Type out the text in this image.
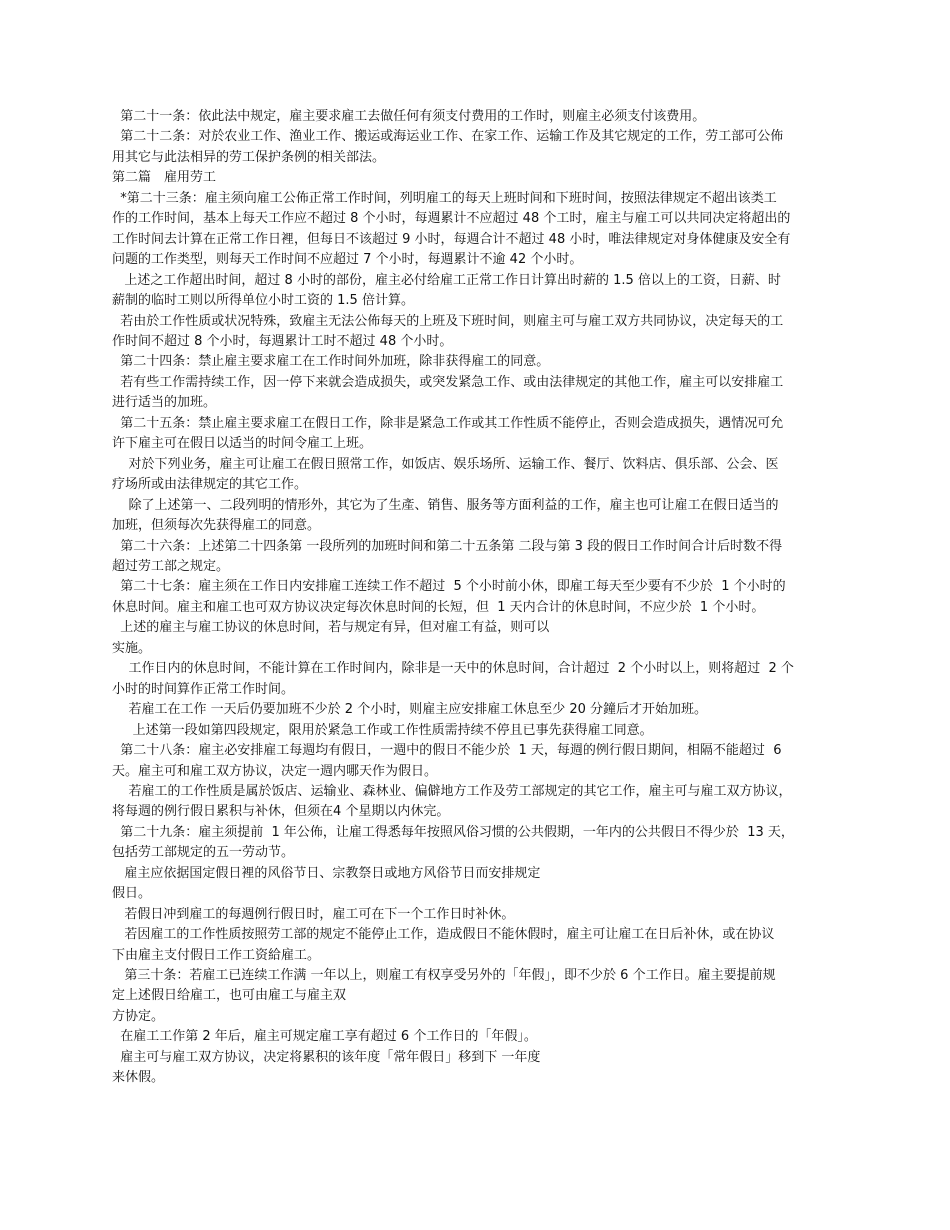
第二十一条：依此法中规定，雇主要求雇工去做任何有须支付费用的工作时，则雇主必须支付该费用。

第二十二条：对於农业工作、渔业工作、搬运或海运业工作、在家工作、运输工作及其它规定的工作，劳工部可公佈
用其它与此法相异的劳工保护条例的相关部法。

第二篇　雇用劳工

*第二十三条：雇主须向雇工公佈正常工作时间，列明雇工的每天上班时间和下班时间，按照法律规定不超出该类工
作的工作时间，基本上每天工作应不超过 8 个小时，每週累计不应超过 48 个工时，雇主与雇工可以共同决定将超出的
工作时间去计算在正常工作日裡，但每日不该超过 9 小时，每週合计不超过 48 小时，唯法律规定对身体健康及安全有
问题的工作类型，则每天工作时间不应超过 7 个小时，每週累计不逾 42 个小时。

上述之工作超出时间，超过 8 小时的部份，雇主必付给雇工正常工作日计算出时薪的 1.5 倍以上的工资，日薪、时
薪制的临时工则以所得单位小时工资的 1.5 倍计算。

若由於工作性质或状况特殊，致雇主无法公佈每天的上班及下班时间，则雇主可与雇工双方共同协议，决定每天的工
作时间不超过 8 个小时，每週累计工时不超过 48 个小时。

第二十四条：禁止雇主要求雇工在工作时间外加班，除非获得雇工的同意。

若有些工作需持续工作，因一停下来就会造成损失，或突发紧急工作、或由法律规定的其他工作，雇主可以安排雇工
进行适当的加班。

第二十五条：禁止雇主要求雇工在假日工作，除非是紧急工作或其工作性质不能停止，否则会造成损失，遇情况可允
许下雇主可在假日以适当的时间令雇工上班。

对於下列业务，雇主可让雇工在假日照常工作，如饭店、娱乐场所、运输工作、餐厅、饮料店、俱乐部、公会、医
疗场所或由法律规定的其它工作。

除了上述第一、二段列明的情形外，其它为了生產、销售、服务等方面利益的工作，雇主也可让雇工在假日适当的
加班，但须每次先获得雇工的同意。

第二十六条：上述第二十四条第 一段所列的加班时间和第二十五条第 二段与第 3 段的假日工作时间合计后时数不得
超过劳工部之规定。

第二十七条：雇主须在工作日内安排雇工连续工作不超过  5 个小时前小休，即雇工每天至少要有不少於  1 个小时的
休息时间。雇主和雇工也可双方协议决定每次休息时间的长短，但  1 天内合计的休息时间，不应少於  1 个小时。

上述的雇主与雇工协议的休息时间，若与规定有异，但对雇工有益，则可以
实施。

工作日内的休息时间，不能计算在工作时间内，除非是一天中的休息时间，合计超过  2 个小时以上，则将超过  2 个
小时的时间算作正常工作时间。

若雇工在工作 一天后仍要加班不少於 2 个小时，则雇主应安排雇工休息至少 20 分鐘后才开始加班。

上述第一段如第四段规定，限用於紧急工作或工作性质需持续不停且已事先获得雇工同意。

第二十八条：雇主必安排雇工每週均有假日，一週中的假日不能少於  1 天，每週的例行假日期间，相隔不能超过  6
天。雇主可和雇工双方协议，决定一週内哪天作为假日。

若雇工的工作性质是属於饭店、运输业、森林业、偏僻地方工作及劳工部规定的其它工作，雇主可与雇工双方协议，
将每週的例行假日累积与补休，但须在4 个星期以内休完。

第二十九条：雇主须提前  1 年公佈，让雇工得悉每年按照风俗习惯的公共假期，一年内的公共假日不得少於  13 天，
包括劳工部规定的五一劳动节。

雇主应依据国定假日裡的风俗节日、宗教祭日或地方风俗节日而安排规定
假日。

若假日冲到雇工的每週例行假日时，雇工可在下一个工作日时补休。

若因雇工的工作性质按照劳工部的规定不能停止工作，造成假日不能休假时，雇主可让雇工在日后补休，或在协议
下由雇主支付假日工作工资給雇工。

第三十条：若雇工已连续工作满 一年以上，则雇工有权享受另外的「年假」，即不少於 6 个工作日。雇主要提前规
定上述假日给雇工，也可由雇工与雇主双
方协定。

在雇工工作第 2 年后，雇主可规定雇工享有超过 6 个工作日的「年假」。

雇主可与雇工双方协议，决定将累积的该年度「常年假日」移到下 一年度
来休假。
